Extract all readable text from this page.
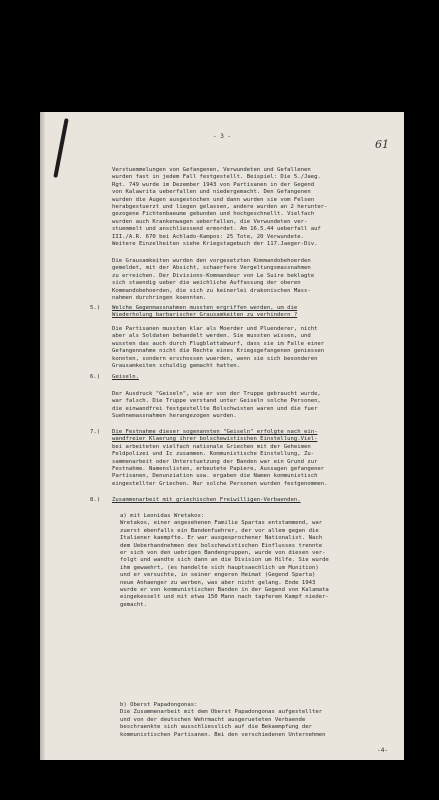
61
- 3 -

Verstuemmelungen von Gefangenen, Verwundeten und Gefallenen

wurden fast in jedem Fall festgestellt. Beispiel: Die 5./Jaeg.

Rgt. 749 wurde im Dezember 1943 von Partisanen in der Gegend

von Kalawrita ueberfallen und niedergemacht. Den Gefangenen

wurden die Augen ausgestochen und dann wurden sie vom Felsen

herabgestuerzt und liegen gelassen, andere wurden an 2 herunter-

gezogene Fichtenbaeume gebunden und hochgeschnellt. Vielfach

wurden auch Krankenwagen ueberfallen, die Verwundeten ver-

stuemmelt und anschliessend ermordet. Am 16.5.44 ueberfall auf

III./A.R. 670 bei Achlado-Kampos: 25 Tote, 20 Verwundete.

Weitere Einzelheiten siehe Kriegstagebuch der 117.Jaeger-Div.

Die Grausamkeiten wurden den vorgesetzten Kommandobehoerden

gemeldet, mit der Absicht, schaerfere Vergeltungsmassnahmen

zu erreichen. Der Divisions-Kommandeur von Le Suire beklagte

sich staendig ueber die weichliche Auffassung der oberen

Kommandobehoerden, die sich zu keinerlei drakonischen Mass-

nahmen durchringen koennten.

5.) Welche Gegenmassnahmen mussten ergriffen werden, um die

Wiederholung barbarischer Grausamkeiten zu verhindern ?

Die Partisanen mussten klar als Moerder und Pluenderer, nicht

aber als Soldaten behandelt werden. Sie mussten wissen, und

wussten das auch durch Flugblattabwurf, dass sie im Falle einer

Gefangennahme nicht die Rechte eines Kriegsgefangenen geniessen

konnten, sondern erschossen wuerden, wenn sie sich besonderen

Grausamkeiten schuldig gemacht hatten.

6.) Geiseln.

Der Ausdruck "Geiseln", wie er von der Truppe gebraucht wurde,

war falsch. Die Truppe verstand unter Geiseln solche Personen,

die einwandfrei festgestellte Bolschwisten waren und die fuer

Suehnemassnahmen herangezogen wurden.

7.) Die Festnahme dieser sogenannten "Geiseln" erfolgte nach ein-

wandfreier Klaerung ihrer bolschewistischen Einstellung.Viel-

bei arbeiteten vielfach nationale Griechen mit der Geheimen

Feldpolizei und Ic zusammen. Kommunistische Einstellung, Zu-

sammenarbeit oder Unterstuetzung der Banden war ein Grund zur

Festnahme. Namenslisten, erbeutete Papiere, Aussagen gefangener

Partisanen, Denunziation usw. ergaben die Namen kommunistisch

eingestellter Griechen. Nur solche Personen wurden festgenommen.

8.) Zusammenarbeit mit griechischen Freiwilligen-Verbaenden.

a) mit Leonidas Wretakos:

Wretakos, einer angesehenen Familie Spartas entstammend, war

zuerst ebenfalls ein Bandenfuehrer, der vor allem gegen die

Italiener kaempfte. Er war ausgesprochener Nationalist. Nach

dem Ueberhandnehmen des bolschewistischen Einflusses trennte

er sich von den uebrigen Bandengruppen, wurde von diesen ver-

folgt und wandte sich dann an die Division um Hilfe. Sie wurde

ihm gewaehrt, (es handelte sich hauptsaechlich um Munition)

und er versuchte, in seiner engeren Heimat (Gegend Sparta)

neue Anhaenger zu werben, was aber nicht gelang. Ende 1943

wurde er von kommunistischen Banden in der Gegend von Kalamata

eingekesselt und mit etwa 150 Mann nach tapferem Kampf nieder-

gemacht.

b) Oberst Papadongonas:

Die Zusammenarbeit mit dem Oberst Papadongonas aufgestellter

und von der deutschen Wehrmacht ausgerueteten Verbaende

beschraenkte sich ausschliesslich auf die Bekaempfung der

kommunistischen Partisanen. Bei den verschiedenen Unternehmen

-4-
